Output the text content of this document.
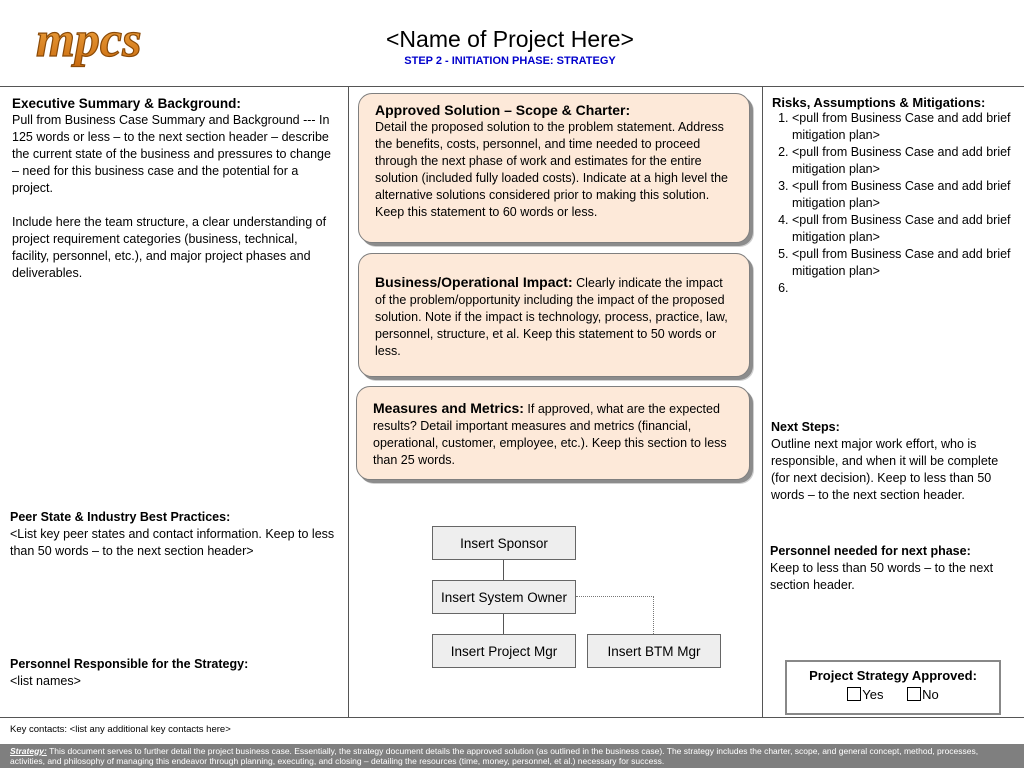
mpcs	<Name of Project Here>
STEP 2 - INITIATION PHASE: STRATEGY
Executive Summary & Background:
Pull from Business Case Summary and Background --- In 125 words or less – to the next section header – describe the current state of the business and pressures to change – need for this business case and the potential for a project.
Include here the team structure, a clear understanding of project requirement categories (business, technical, facility, personnel, etc.), and major project phases and deliverables.
Peer State & Industry Best Practices:
<List key peer states and contact information. Keep to less than 50 words – to the next section header>
Personnel Responsible for the Strategy:
<list names>
Approved Solution – Scope & Charter:
Detail the proposed solution to the problem statement. Address the benefits, costs, personnel, and time needed to proceed through the next phase of work and estimates for the entire solution (included fully loaded costs). Indicate at a high level the alternative solutions considered prior to making this solution. Keep this statement to 60 words or less.
Business/Operational Impact: Clearly indicate the impact of the problem/opportunity including the impact of the proposed solution. Note if the impact is technology, process, practice, law, personnel, structure, et al. Keep this statement to 50 words or less.
Measures and Metrics: If approved, what are the expected results? Detail important measures and metrics (financial, operational, customer, employee, etc.). Keep this section to less than 25 words.
Insert Sponsor
Insert System Owner
Insert Project Mgr	Insert BTM Mgr
Risks, Assumptions & Mitigations:
1. <pull from Business Case and add brief mitigation plan>
2. <pull from Business Case and add brief mitigation plan>
3. <pull from Business Case and add brief mitigation plan>
4. <pull from Business Case and add brief mitigation plan>
5. <pull from Business Case and add brief mitigation plan>
6.
Next Steps:
Outline next major work effort, who is responsible, and when it will be complete (for next decision). Keep to less than 50 words – to the next section header.
Personnel needed for next phase:
Keep to less than 50 words – to the next section header.
Project Strategy Approved:
Yes	No
Key contacts: <list any additional key contacts here>
Strategy: This document serves to further detail the project business case. Essentially, the strategy document details the approved solution (as outlined in the business case). The strategy includes the charter, scope, and general concept, method, processes, activities, and philosophy of managing this endeavor through planning, executing, and closing – detailing the resources (time, money, personnel, et al.) necessary for success.
